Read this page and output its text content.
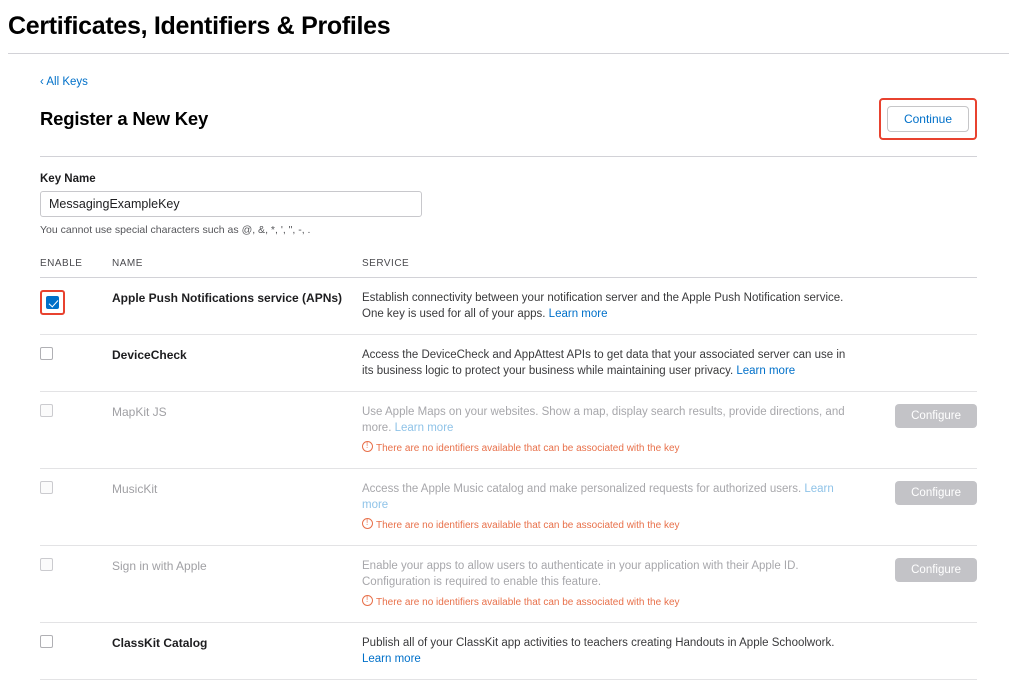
Certificates, Identifiers & Profiles
‹ All Keys
Register a New Key	Continue
Key Name
MessagingExampleKey
You cannot use special characters such as @, &, *, ', ", -, .
ENABLE	NAME	SERVICE	

	Apple Push Notifications service (APNs)	Establish connectivity between your notification server and the Apple Push Notification service. One key is used for all of your apps. Learn more	

	DeviceCheck	Access the DeviceCheck and AppAttest APIs to get data that your associated server can use in its business logic to protect your business while maintaining user privacy. Learn more	

	MapKit JS	Use Apple Maps on your websites. Show a map, display search results, provide directions, and more. Learn more
!There are no identifiers available that can be associated with the key	Configure

	MusicKit	Access the Apple Music catalog and make personalized requests for authorized users. Learn more
!There are no identifiers available that can be associated with the key	Configure

	Sign in with Apple	Enable your apps to allow users to authenticate in your application with their Apple ID. Configuration is required to enable this feature.
!There are no identifiers available that can be associated with the key	Configure

	ClassKit Catalog	Publish all of your ClassKit app activities to teachers creating Handouts in Apple Schoolwork. Learn more	
